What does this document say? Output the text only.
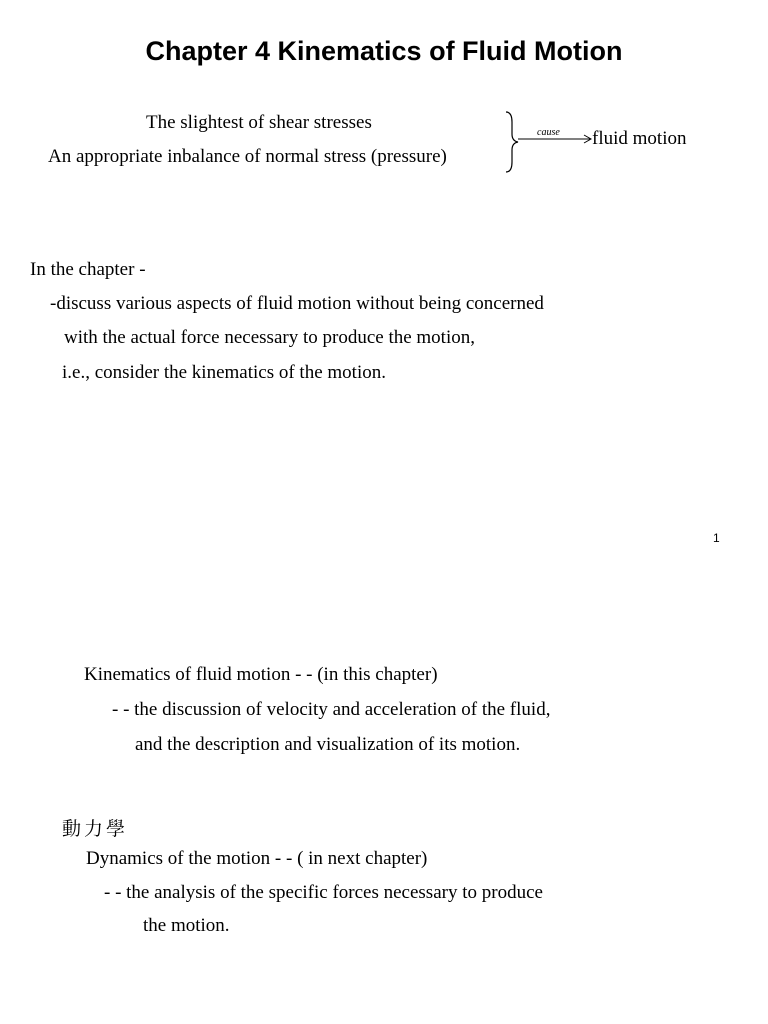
Chapter 4 Kinematics of Fluid Motion
The slightest of shear stresses
An appropriate inbalance of normal stress (pressure)
cause fluid motion
In the chapter -
-discuss various aspects of fluid motion without being concerned
with the actual force necessary to produce the motion,
i.e., consider the kinematics of the motion.
1
Kinematics of fluid motion - - (in this chapter)
- - the discussion of velocity and acceleration of the fluid,
and the description and visualization of its motion.
動力學
Dynamics of the motion - - ( in next chapter)
- - the analysis of the specific forces necessary to produce
the motion.
